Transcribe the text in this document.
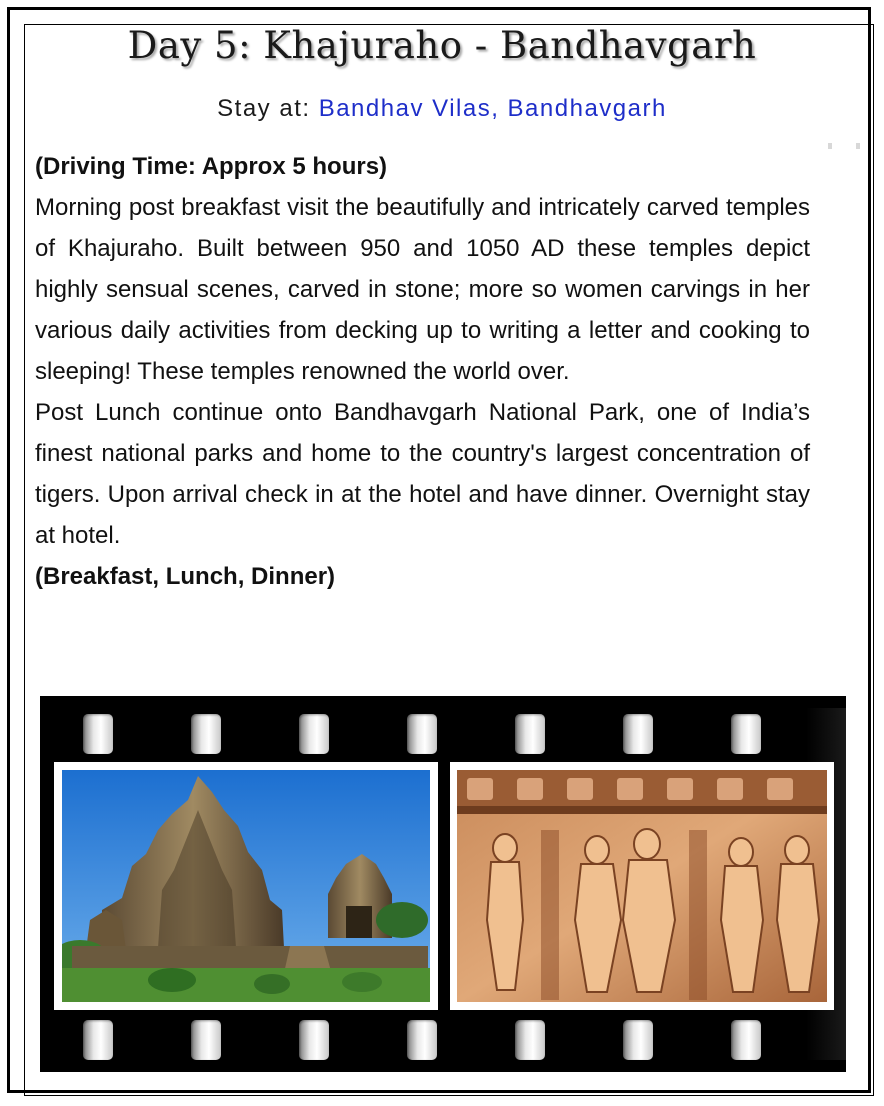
Day 5: Khajuraho - Bandhavgarh
Stay at: Bandhav Vilas, Bandhavgarh

(Driving Time: Approx 5 hours)

Morning post breakfast visit the beautifully and intricately carved temples of Khajuraho. Built between 950 and 1050 AD these temples depict highly sensual scenes, carved in stone; more so women carvings in her various daily activities from decking up to writing a letter and cooking to sleeping! These temples renowned the world over.

Post Lunch continue onto Bandhavgarh National Park, one of India’s finest national parks and home to the country's largest concentration of tigers. Upon arrival check in at the hotel and have dinner. Overnight stay at hotel.

(Breakfast, Lunch, Dinner)
